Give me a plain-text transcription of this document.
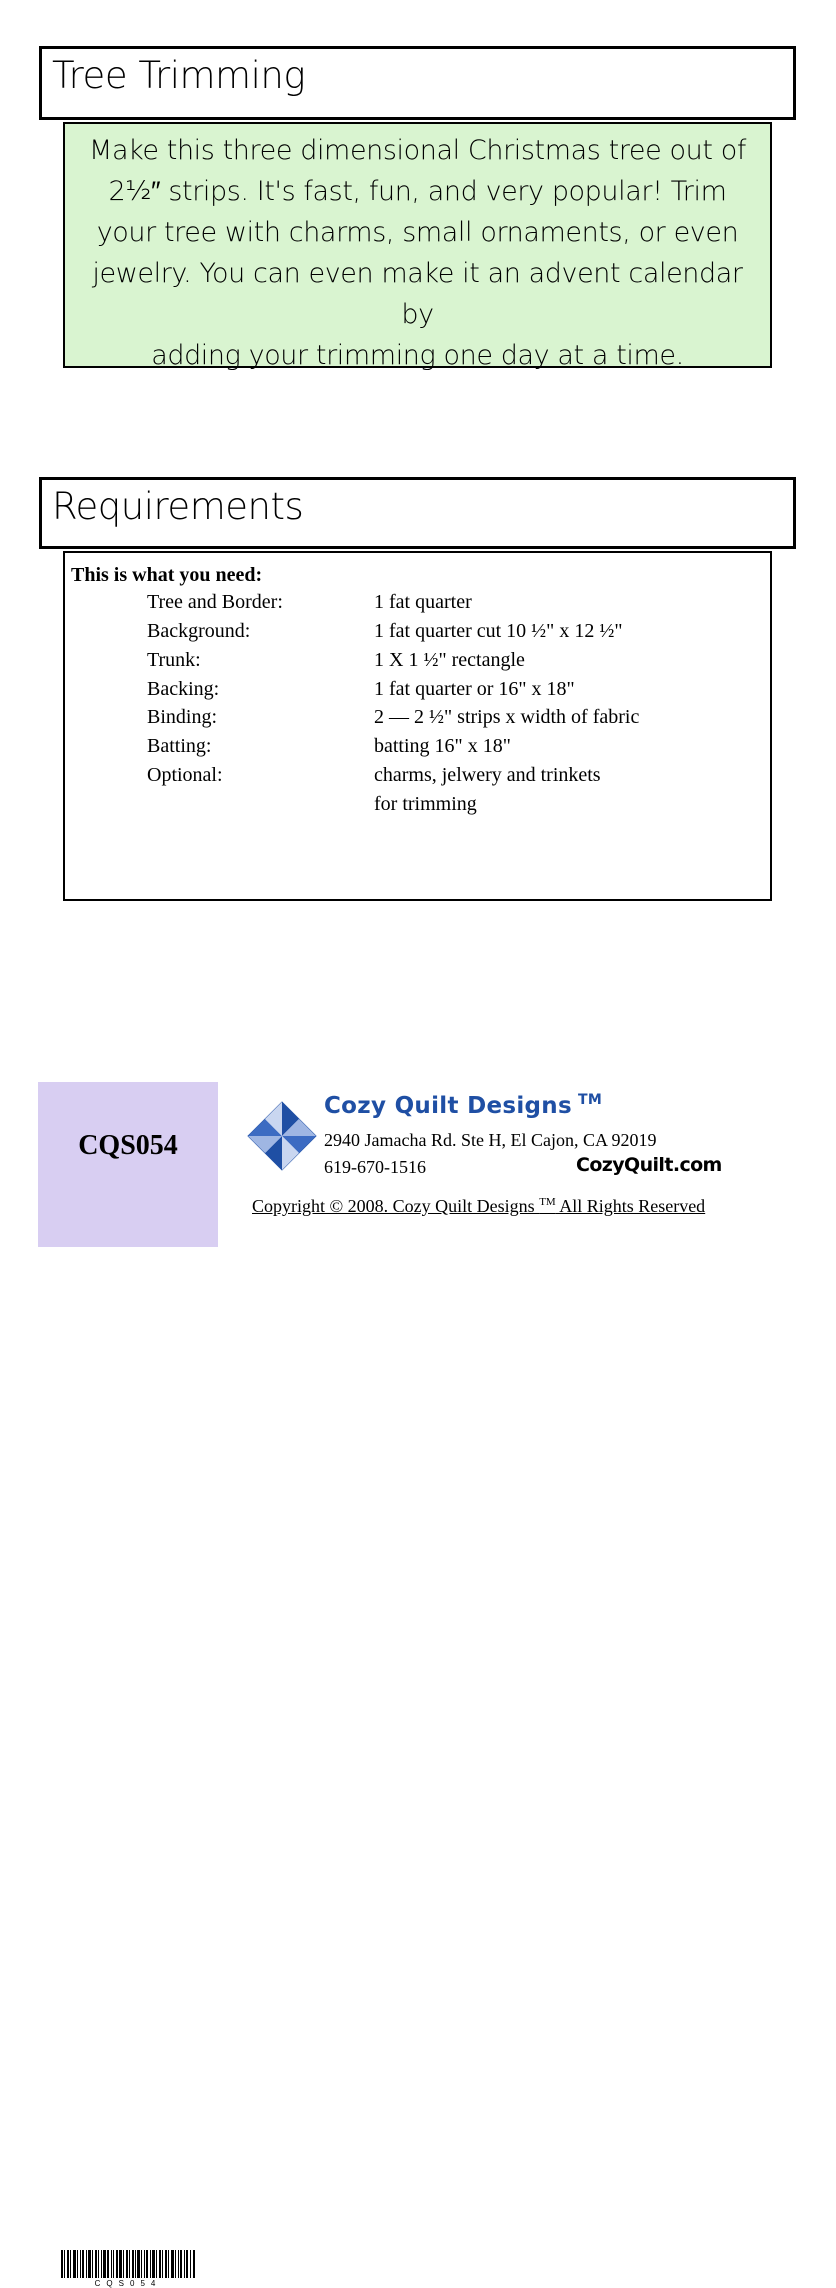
Tree Trimming
Make this three dimensional Christmas tree out of
2½″ strips. It's fast, fun, and very popular! Trim
your tree with charms, small ornaments, or even
jewelry. You can even make it an advent calendar by
adding your trimming one day at a time.
Requirements
This is what you need:
Tree and Border:	1 fat quarter
Background:	1 fat quarter cut 10 ½" x 12 ½"
Trunk:	1 X 1 ½" rectangle
Backing:	1 fat quarter or 16" x 18"
Binding:	2 — 2 ½" strips x width of fabric
Batting:	batting 16" x 18"
Optional:	charms, jelwery and trinkets
for trimming
CQS054
CQS054
Cozy Quilt Designs ™
2940 Jamacha Rd. Ste H, El Cajon, CA 92019
619-670-1516	CozyQuilt.com
Copyright © 2008. Cozy Quilt Designs ™ All Rights Reserved
